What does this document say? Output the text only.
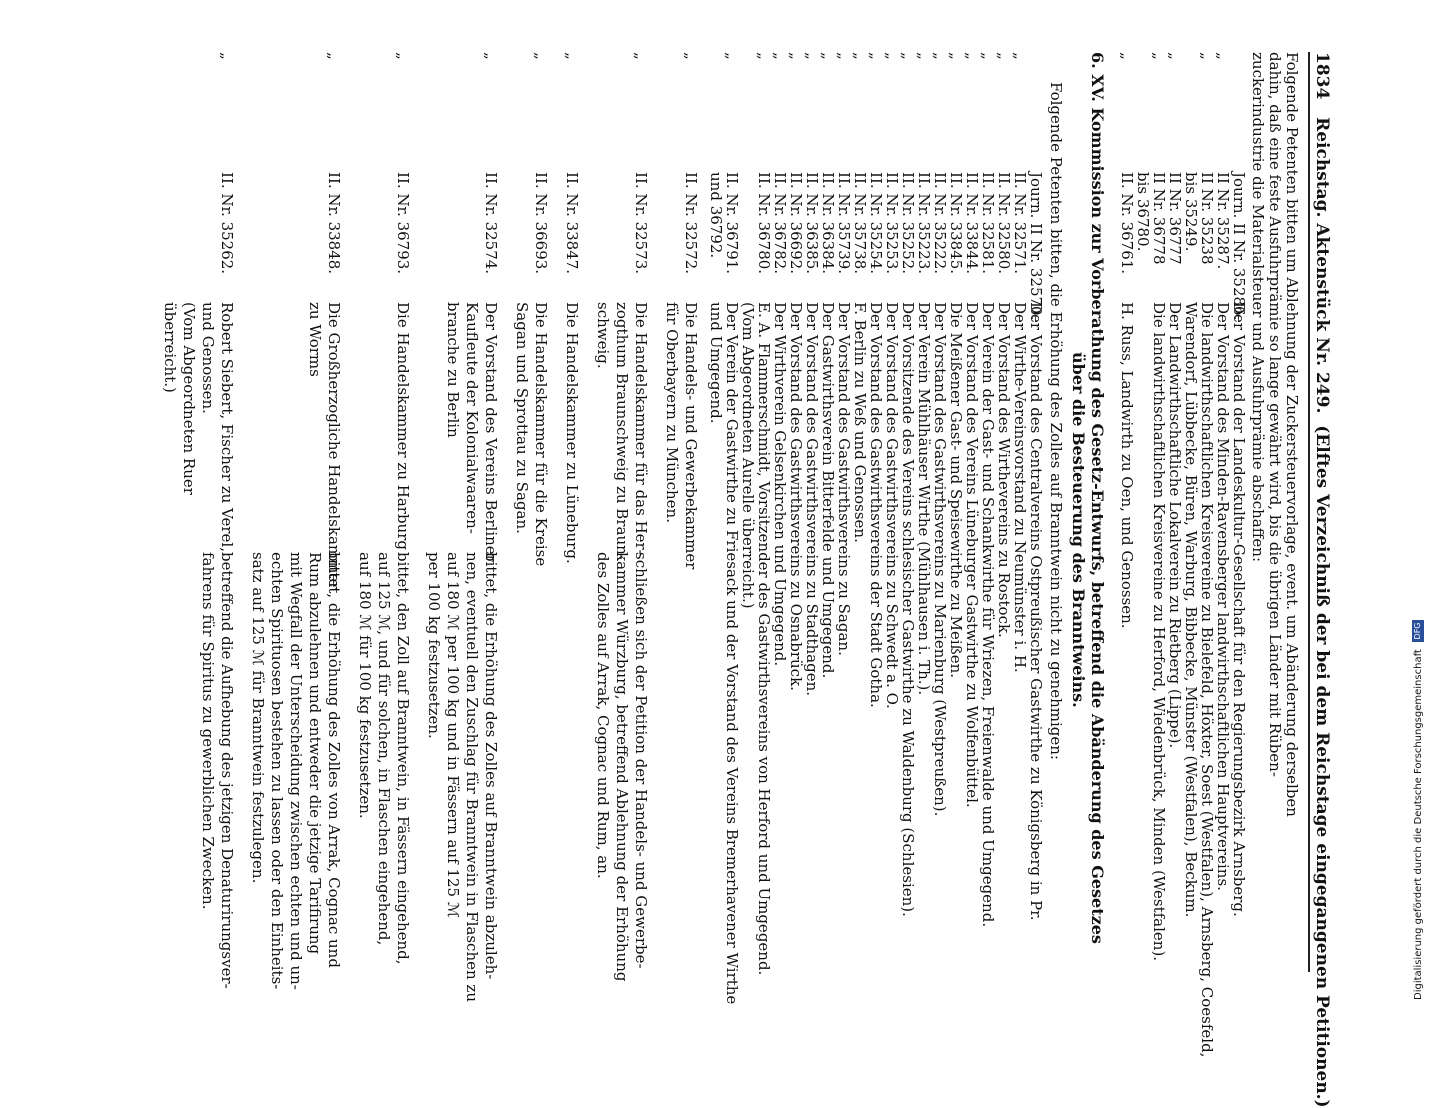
1834   Reichstag. Aktenstück Nr. 249.  (Elftes Verzeichniß der bei dem Reichstage eingegangenen Petitionen.)
Folgende Petenten bitten um Ablehnung der Zuckersteuervorlage, event. um Abänderung derselben
dahin, daß eine feste Ausfuhrprämie so lange gewährt wird, bis die übrigen Länder mit Rüben-
zuckerindustrie die Materialsteuer und Ausfuhrprämie abschaffen:
Journ. II Nr. 35286.Der Vorstand der Landeskultur-Gesellschaft für den Regierungsbezirk Arnsberg.
„II Nr. 35287.Der Vorstand des Minden-Ravensberger landwirthschaftlichen Hauptvereins.
„II Nr. 35238Die landwirthschaftlichen Kreisvereine zu Bielefeld, Höxter, Soest (Westfalen), Arnsberg, Coesfeld,
bis 35249.Warendorf, Lübbecke, Büren, Warburg, Bibbecke, Münster (Westfalen), Beckum.
„II Nr. 36777Der Landwirthschaftliche Lokalverein zu Rietberg (Lippe).
„II Nr. 36778Die landwirthschaftlichen Kreisvereine zu Herford, Wiedenbrück, Minden (Westfalen).
bis 36780.
„II. Nr. 36761.H. Russ, Landwirth zu Oen, und Genossen.
6. XV. Kommission zur Vorberathung des Gesetz-Entwurfs, betreffend die Abänderung des Gesetzes
über die Besteuerung des Branntweins.
Folgende Petenten bitten, die Erhöhung des Zolles auf Branntwein nicht zu genehmigen:
Journ. II Nr. 32570.Der Vorstand des Centralvereins Ostpreußischer Gastwirthe zu Königsberg in Pr.
„II. Nr. 32571.Der Wirthe-Vereinsvorstand zu Neumünster i. H.
„II. Nr. 32580.Der Vorstand des Wirthevereins zu Rostock.
„II. Nr. 32581.Der Verein der Gast- und Schankwirthe für Wriezen, Freienwalde und Umgegend.
„II. Nr. 33844.Der Vorstand des Vereins Lüneburger Gastwirthe zu Wolfenbüttel.
„II. Nr. 33845.Die Meißener Gast- und Speisewirthe zu Meißen.
„II. Nr. 35222.Der Vorstand des Gastwirthsvereins zu Marienburg (Westpreußen).
„II. Nr. 35223.Der Verein Mühlhäuser Wirthe (Mühlhausen i. Th.).
„II. Nr. 35252.Der Vorsitzende des Vereins schlesischer Gastwirthe zu Waldenburg (Schlesien).
„II. Nr. 35253.Der Vorstand des Gastwirthsvereins zu Schwedt a. O.
„II. Nr. 35254.Der Vorstand des Gastwirthsvereins der Stadt Gotha.
„II. Nr. 35738.F. Berlin zu Weß und Genossen.
„II. Nr. 35739.Der Vorstand des Gastwirthsvereins zu Sagan.
„II. Nr. 36384.Der Gastwirthsverein Bitterfelde und Umgegend.
„II. Nr. 36385.Der Vorstand des Gastwirthsvereins zu Stadthagen.
„II. Nr. 36692.Der Vorstand des Gastwirthsvereins zu Osnabrück.
„II. Nr. 36782.Der Wirthverein Gelsenkirchen und Umgegend.
„II. Nr. 36780.E. A. Flammerschmidt, Vorsitzender des Gastwirthsvereins von Herford und Umgegend.
(Vom Abgeordneten Aurelle überreicht.)
„II. Nr. 36791.Der Verein der Gastwirthe zu Friesack und der Vorstand des Vereins Bremerhavener Wirthe
und 36792.und Umgegend.
„
II. Nr. 32572.
Die Handels- und Gewerbekammer
für Oberbayern zu München.
„
II. Nr. 32573.
Die Handelskammer für das Her-
zogthum Braunschweig zu Braun-
schweig.
schließen sich der Petition der Handels- und Gewerbe-
kammer Würzburg, betreffend Ablehnung der Erhöhung
des Zolles auf Arrak, Cognac und Rum, an.
„
II. Nr. 33847.
Die Handelskammer zu Lüneburg.
„
II. Nr. 36693.
Die Handelskammer für die Kreise
Sagan und Sprottau zu Sagan.
„
II. Nr. 32574.
Der Vorstand des Vereins Berliner
Kaufleute der Kolonialwaaren-
branche zu Berlin
bittet, die Erhöhung des Zolles auf Branntwein abzuleh-
nen, eventuell den Zuschlag für Branntwein in Flaschen zu
auf 180 ℳ per 100 kg und in Fässern auf 125 ℳ
per 100 kg festzusetzen.
„
II. Nr. 36793.
Die Handelskammer zu Harburg
bittet, den Zoll auf Branntwein, in Fässern eingehend,
auf 125 ℳ, und für solchen, in Flaschen eingehend,
auf 180 ℳ für 100 kg festzusetzen.
„
II. Nr. 33848.
Die Großherzogliche Handelskammer
zu Worms
bittet, die Erhöhung des Zolles von Arrak, Cognac und
Rum abzulehnen und entweder die jetzige Tarifirung
mit Wegfall der Unterscheidung zwischen echten und un-
echten Spirituosen bestehen zu lassen oder den Einheits-
satz auf 125 ℳ für Branntwein festzulegen.
„
II. Nr. 35262.
Robert Siebert, Fischer zu Verel,
und Genossen.
(Vom Abgeordneten Ruer
überreicht.)
betreffend die Aufhebung des jetzigen Denaturirungsver-
fahrens für Spiritus zu gewerblichen Zwecken.	Digitalisierung gefördert durch die Deutsche Forschungsgemeinschaft DFG
